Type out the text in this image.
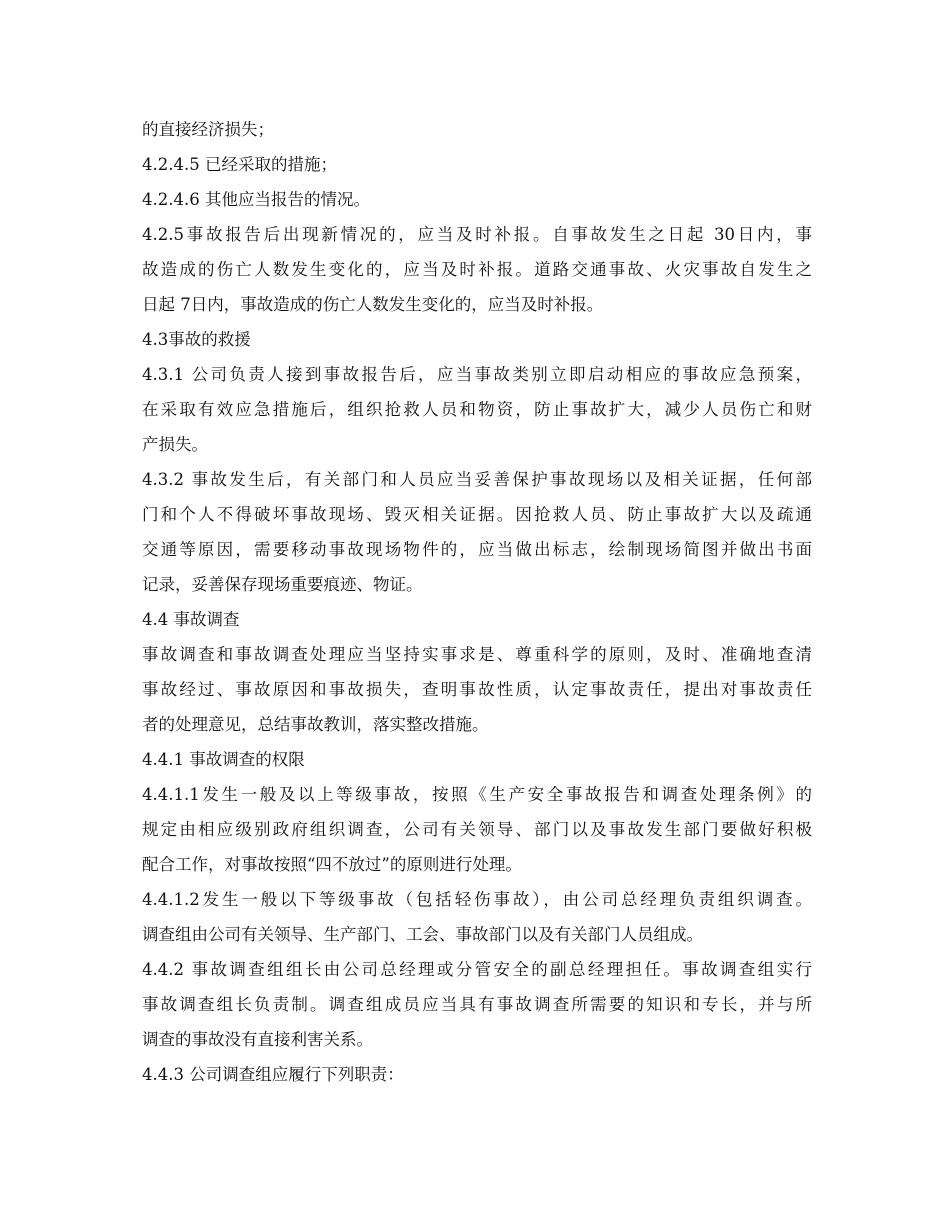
的直接经济损失；
4.2.4.5 已经采取的措施；
4.2.4.6 其他应当报告的情况。
4.2.5事故报告后出现新情况的，应当及时补报。自事故发生之日起 30日内，事
故造成的伤亡人数发生变化的，应当及时补报。道路交通事故、火灾事故自发生之
日起 7日内，事故造成的伤亡人数发生变化的，应当及时补报。
4.3事故的救援
4.3.1 公司负责人接到事故报告后，应当事故类别立即启动相应的事故应急预案，
在采取有效应急措施后，组织抢救人员和物资，防止事故扩大，减少人员伤亡和财
产损失。
4.3.2 事故发生后，有关部门和人员应当妥善保护事故现场以及相关证据，任何部
门和个人不得破坏事故现场、毁灭相关证据。因抢救人员、防止事故扩大以及疏通
交通等原因，需要移动事故现场物件的，应当做出标志，绘制现场简图并做出书面
记录，妥善保存现场重要痕迹、物证。
4.4 事故调查
事故调查和事故调查处理应当坚持实事求是、尊重科学的原则，及时、准确地查清
事故经过、事故原因和事故损失，查明事故性质，认定事故责任，提出对事故责任
者的处理意见，总结事故教训，落实整改措施。
4.4.1 事故调查的权限
4.4.1.1发生一般及以上等级事故，按照《生产安全事故报告和调查处理条例》的
规定由相应级别政府组织调查，公司有关领导、部门以及事故发生部门要做好积极
配合工作，对事故按照“四不放过”的原则进行处理。
4.4.1.2发生一般以下等级事故（包括轻伤事故），由公司总经理负责组织调查。
调查组由公司有关领导、生产部门、工会、事故部门以及有关部门人员组成。
4.4.2 事故调查组组长由公司总经理或分管安全的副总经理担任。事故调查组实行
事故调查组长负责制。调查组成员应当具有事故调查所需要的知识和专长，并与所
调查的事故没有直接利害关系。
4.4.3 公司调查组应履行下列职责：
